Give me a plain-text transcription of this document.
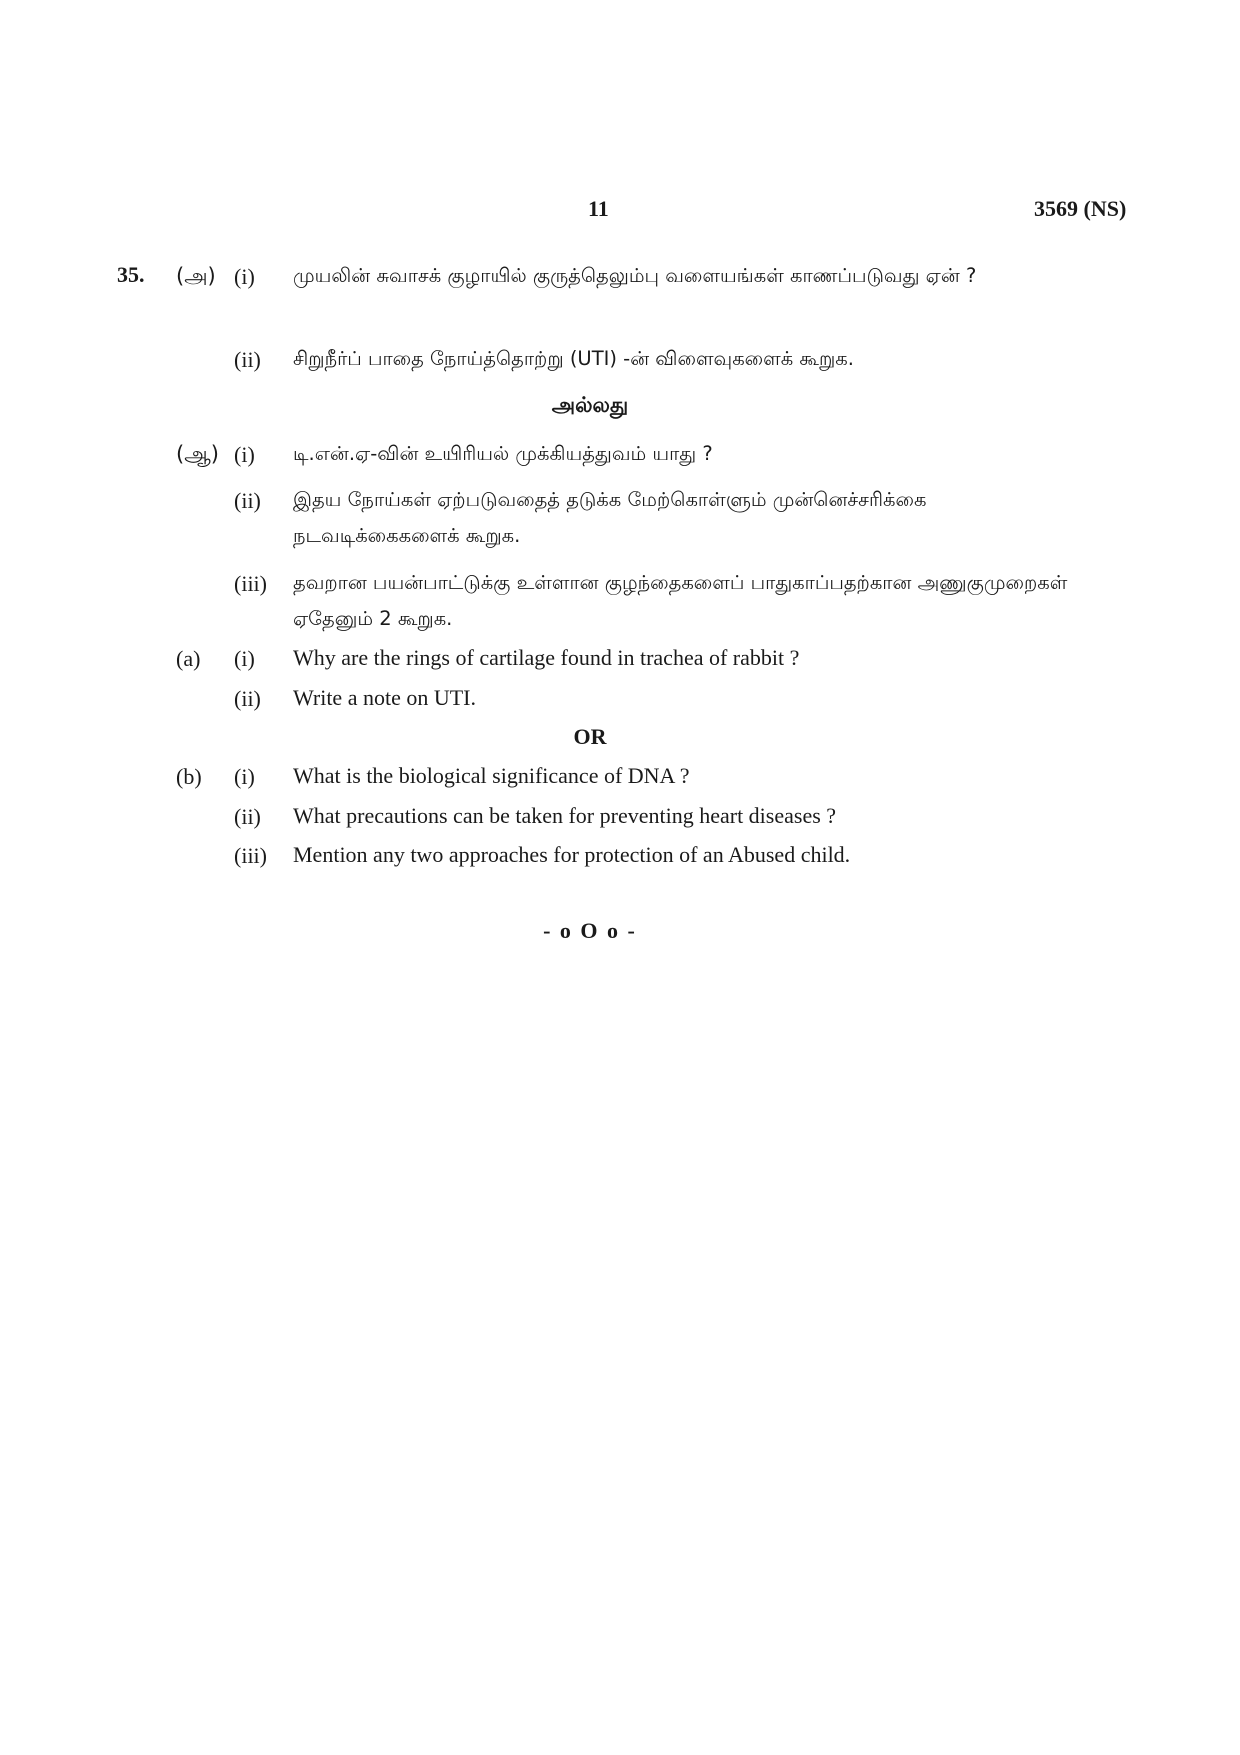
11	3569 (NS)
35. (அ) (i) முயலின் சுவாசக் குழாயில் குருத்தெலும்பு வளையங்கள் காணப்படுவது ஏன் ?
(ii) சிறுநீர்ப் பாதை நோய்த்தொற்று (UTI) -ன் விளைவுகளைக் கூறுக.
அல்லது
(ஆ) (i) டி.என்.ஏ-வின் உயிரியல் முக்கியத்துவம் யாது ?
(ii) இதய நோய்கள் ஏற்படுவதைத் தடுக்க மேற்கொள்ளும் முன்னெச்சரிக்கை நடவடிக்கைகளைக் கூறுக.
(iii) தவறான பயன்பாட்டுக்கு உள்ளான குழந்தைகளைப் பாதுகாப்பதற்கான அணுகுமுறைகள் ஏதேனும் 2 கூறுக.
(a) (i) Why are the rings of cartilage found in trachea of rabbit ?
(ii) Write a note on UTI.
OR
(b) (i) What is the biological significance of DNA ?
(ii) What precautions can be taken for preventing heart diseases ?
(iii) Mention any two approaches for protection of an Abused child.
- o O o -
